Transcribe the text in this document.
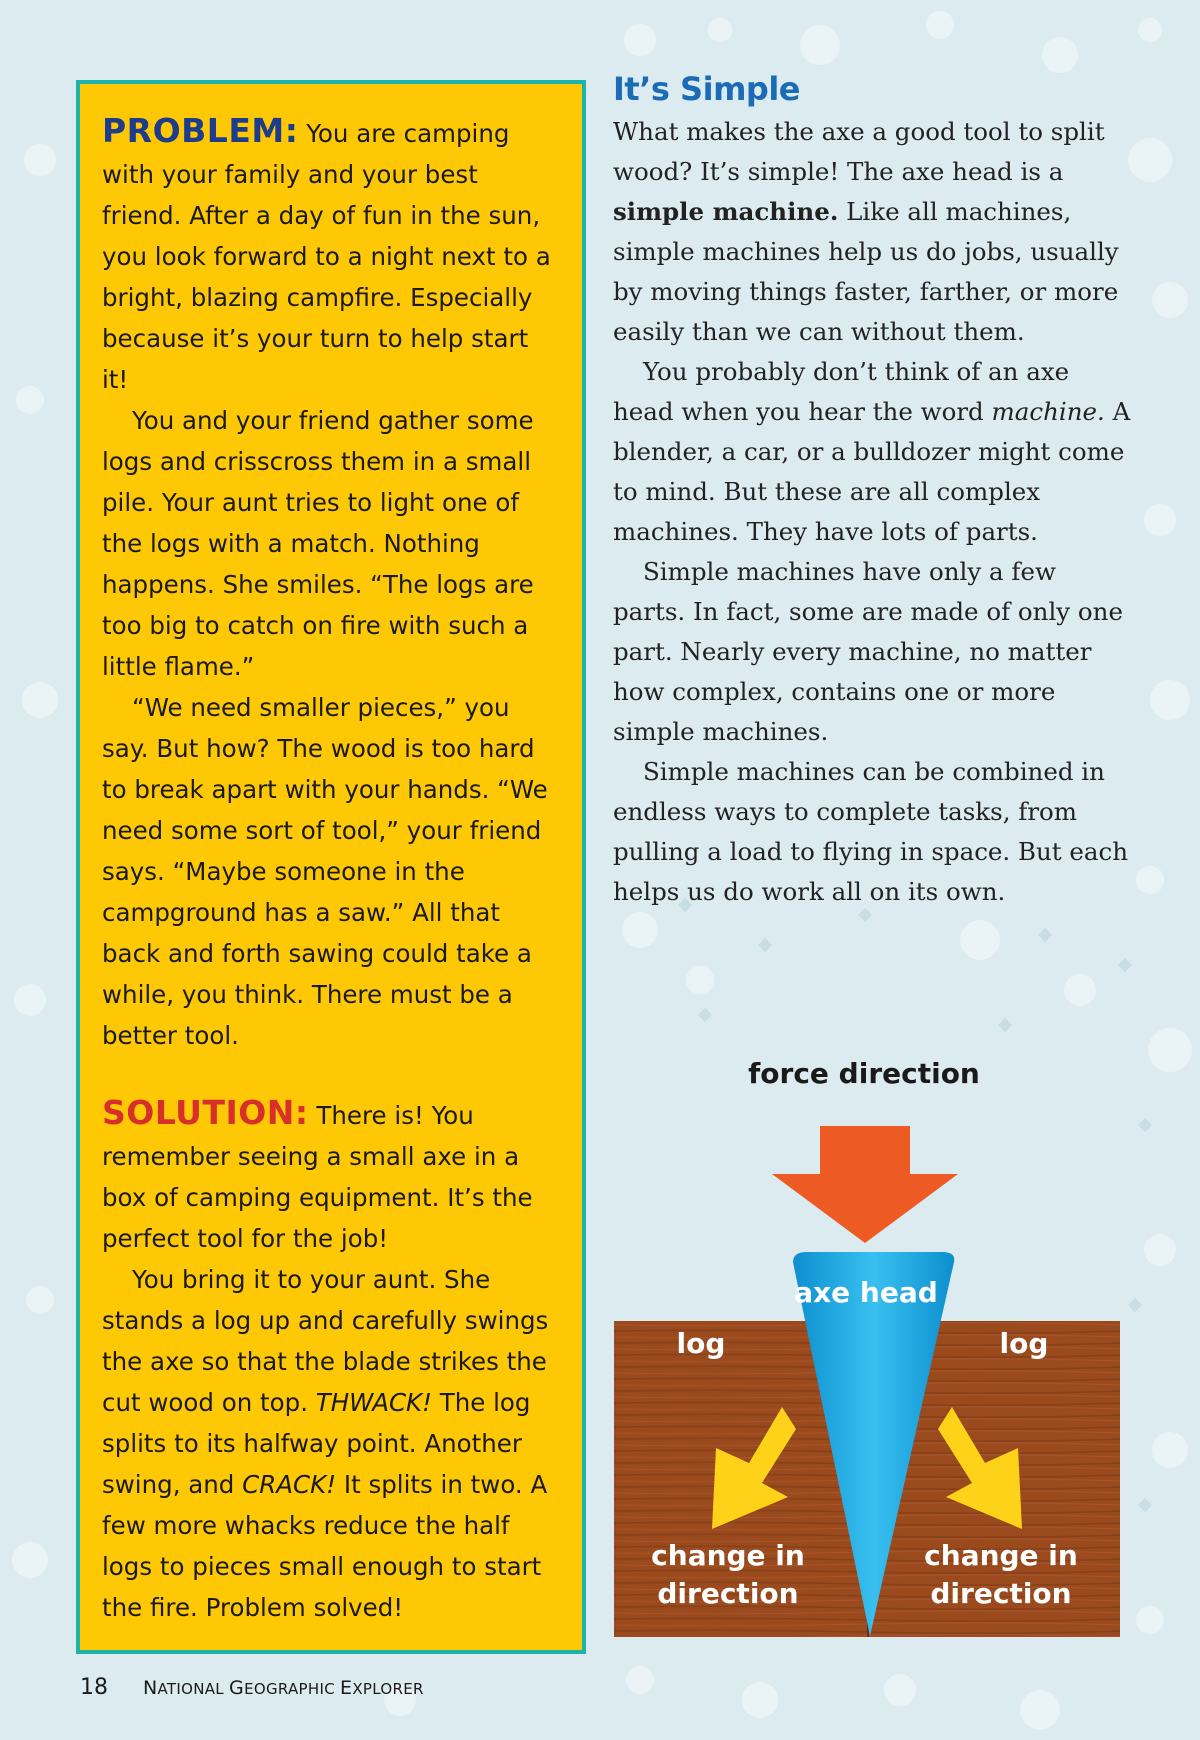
PROBLEM: You are camping with your family and your best friend. After a day of fun in the sun, you look forward to a night next to a bright, blazing campfire. Especially because it’s your turn to help start it!

You and your friend gather some logs and crisscross them in a small pile. Your aunt tries to light one of the logs with a match. Nothing happens. She smiles. “The logs are too big to catch on fire with such a little flame.”

“We need smaller pieces,” you say. But how? The wood is too hard to break apart with your hands. “We need some sort of tool,” your friend says. “Maybe someone in the campground has a saw.” All that back and forth sawing could take a while, you think. There must be a better tool.

SOLUTION: There is! You remember seeing a small axe in a box of camping equipment. It’s the perfect tool for the job!

You bring it to your aunt. She stands a log up and carefully swings the axe so that the blade strikes the cut wood on top. THWACK! The log splits to its halfway point. Another swing, and CRACK! It splits in two. A few more whacks reduce the half logs to pieces small enough to start the fire. Problem solved!

It’s Simple

What makes the axe a good tool to split wood? It’s simple! The axe head is a simple machine. Like all machines, simple machines help us do jobs, usually by moving things faster, farther, or more easily than we can without them.

You probably don’t think of an axe head when you hear the word machine. A blender, a car, or a bulldozer might come to mind. But these are all complex machines. They have lots of parts.

Simple machines have only a few parts. In fact, some are made of only one part. Nearly every machine, no matter how complex, contains one or more simple machines.

Simple machines can be combined in endless ways to complete tasks, from pulling a load to flying in space. But each helps us do work all on its own.

force direction
axe head
log	log
change in
direction
change in
direction
18 NATIONAL GEOGRAPHIC EXPLORER
